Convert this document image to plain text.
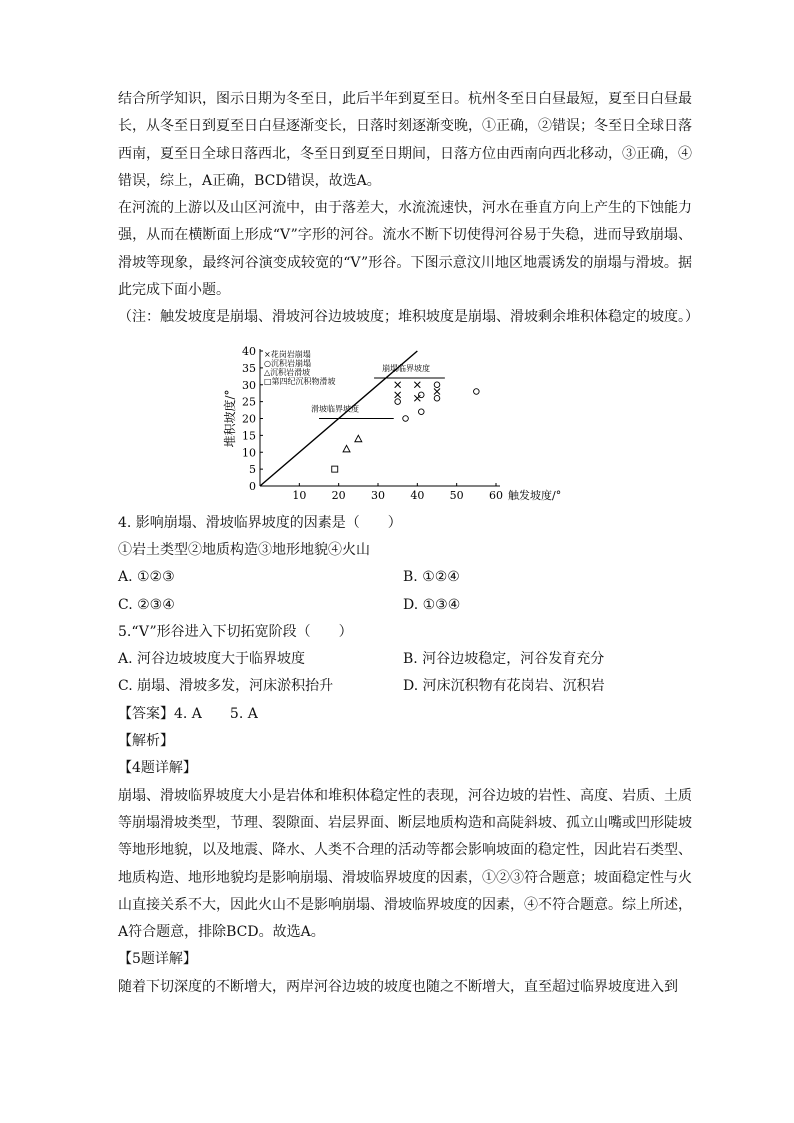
结合所学知识，图示日期为冬至日，此后半年到夏至日。杭州冬至日白昼最短，夏至日白昼最长，从冬至日到夏至日白昼逐渐变长，日落时刻逐渐变晚，①正确，②错误；冬至日全球日落西南，夏至日全球日落西北，冬至日到夏至日期间，日落方位由西南向西北移动，③正确，④错误，综上，A正确，BCD错误，故选A。

在河流的上游以及山区河流中，由于落差大，水流流速快，河水在垂直方向上产生的下蚀能力强，从而在横断面上形成“V”字形的河谷。流水不断下切使得河谷易于失稳，进而导致崩塌、滑坡等现象，最终河谷演变成较宽的“V”形谷。下图示意汶川地区地震诱发的崩塌与滑坡。据此完成下面小题。

（注：触发坡度是崩塌、滑坡河谷边坡坡度；堆积坡度是崩塌、滑坡剩余堆积体稳定的坡度。）

10 20 30 40 50 60
0
5
10
15
20
25
30
35
40
触发坡度/°
堆积坡度/°
崩塌临界坡度
滑坡临界坡度
×花岗岩崩塌
○沉积岩崩塌
△沉积岩滑坡
□第四纪沉积物滑坡

4. 影响崩塌、滑坡临界坡度的因素是（　　）

①岩土类型②地质构造③地形地貌④火山

A. ①②③	B. ①②④
C. ②③④	D. ①③④

5.“V”形谷进入下切拓宽阶段（　　）

A. 河谷边坡坡度大于临界坡度	B. 河谷边坡稳定，河谷发育充分
C. 崩塌、滑坡多发，河床淤积抬升	D. 河床沉积物有花岗岩、沉积岩

【答案】4. A　　5. A

【解析】

【4题详解】

崩塌、滑坡临界坡度大小是岩体和堆积体稳定性的表现，河谷边坡的岩性、高度、岩质、土质等崩塌滑坡类型，节理、裂隙面、岩层界面、断层地质构造和高陡斜坡、孤立山嘴或凹形陡坡等地形地貌，以及地震、降水、人类不合理的活动等都会影响坡面的稳定性，因此岩石类型、地质构造、地形地貌均是影响崩塌、滑坡临界坡度的因素，①②③符合题意；坡面稳定性与火山直接关系不大，因此火山不是影响崩塌、滑坡临界坡度的因素，④不符合题意。综上所述，A符合题意，排除BCD。故选A。

【5题详解】

随着下切深度的不断增大，两岸河谷边坡的坡度也随之不断增大，直至超过临界坡度进入到
